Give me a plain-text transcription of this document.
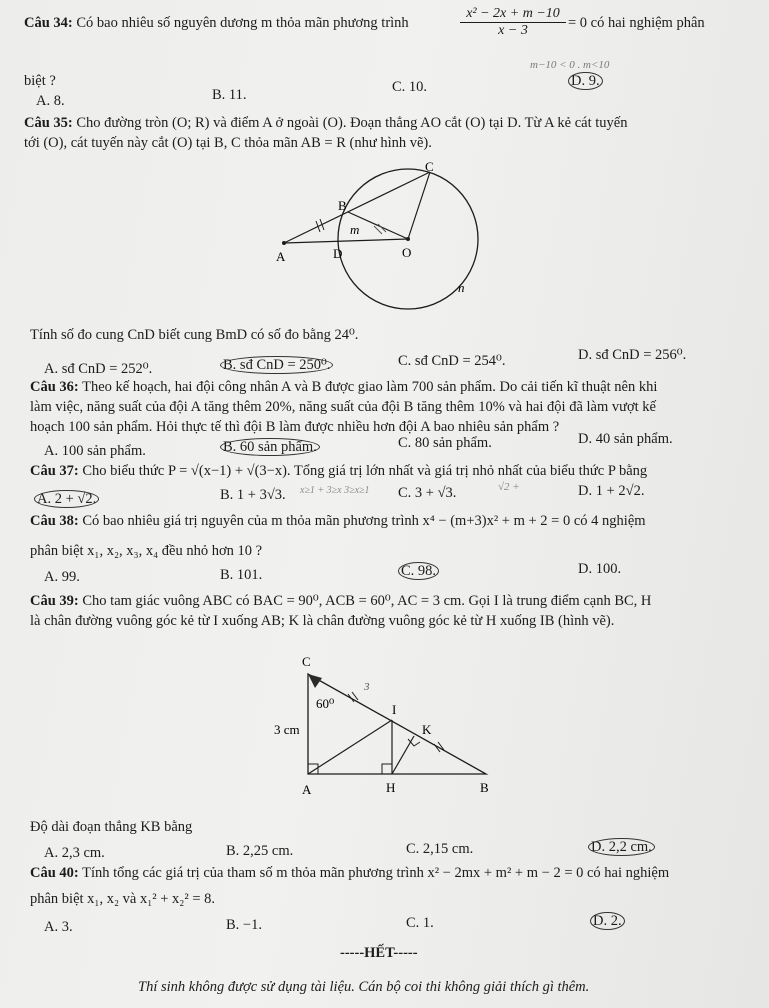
Câu 34: Có bao nhiêu số nguyên dương m thỏa mãn phương trình	$\frac{\text{x² − 2x + m −10}}{x - 3} = 0$ có hai nghiệm phân
biệt ?
m−10 < 0 . m<10
A. 8.	B. 11.	C. 10.	D. 9.
Câu 35: Cho đường tròn (O; R) và điểm A ở ngoài (O). Đoạn thẳng AO cắt (O) tại D. Từ A kẻ cát tuyến
tới (O), cát tuyến này cắt (O) tại B, C thỏa mãn AB = R (như hình vẽ).
C
B
m
A	D	O
n
Tính số đo cung CnD biết cung BmD có số đo bằng 24⁰.
A. sđ CnD = 252⁰.	B. sđ CnD = 250⁰.	C. sđ CnD = 254⁰.	D. sđ CnD = 256⁰.
Câu 36: Theo kế hoạch, hai đội công nhân A và B được giao làm 700 sản phẩm. Do cải tiến kĩ thuật nên khi
làm việc, năng suất của đội A tăng thêm 20%, năng suất của đội B tăng thêm 10% và hai đội đã làm vượt kế
hoạch 100 sản phẩm. Hỏi thực tế thì đội B làm được nhiều hơn đội A bao nhiêu sản phẩm ?
A. 100 sản phẩm.	B. 60 sản phẩm.	C. 80 sản phẩm.	D. 40 sản phẩm.
Câu 37: Cho biểu thức P = √(x−1) + √(3−x). Tổng giá trị lớn nhất và giá trị nhỏ nhất của biểu thức P bằng
A. 2 + √2.	B. 1 + 3√3. x≥1 + 3≥x 3≥x≥1 C. 3 + √3.	√2 +	D. 1 + 2√2.
Câu 38: Có bao nhiêu giá trị nguyên của m thỏa mãn phương trình x⁴ − (m+3)x² + m + 2 = 0 có 4 nghiệm
phân biệt x₁, x₂, x₃, x₄ đều nhỏ hơn 10 ?
A. 99.	B. 101.	C. 98.	D. 100.
Câu 39: Cho tam giác vuông ABC có BAC = 90⁰, ACB = 60⁰, AC = 3 cm. Gọi I là trung điểm cạnh BC, H
là chân đường vuông góc kẻ từ I xuống AB; K là chân đường vuông góc kẻ từ H xuống IB (hình vẽ).
C
60⁰
3
I
K
3 cm
A	H	B
Độ dài đoạn thẳng KB bằng
A. 2,3 cm.	B. 2,25 cm.	C. 2,15 cm.	D. 2,2 cm.
Câu 40: Tính tổng các giá trị của tham số m thỏa mãn phương trình x² − 2mx + m² + m − 2 = 0 có hai nghiệm
phân biệt x₁, x₂ và x₁² + x₂² = 8.
A. 3.	B. −1.	C. 1.	D. 2.
-----HẾT-----
Thí sinh không được sử dụng tài liệu. Cán bộ coi thi không giải thích gì thêm.
